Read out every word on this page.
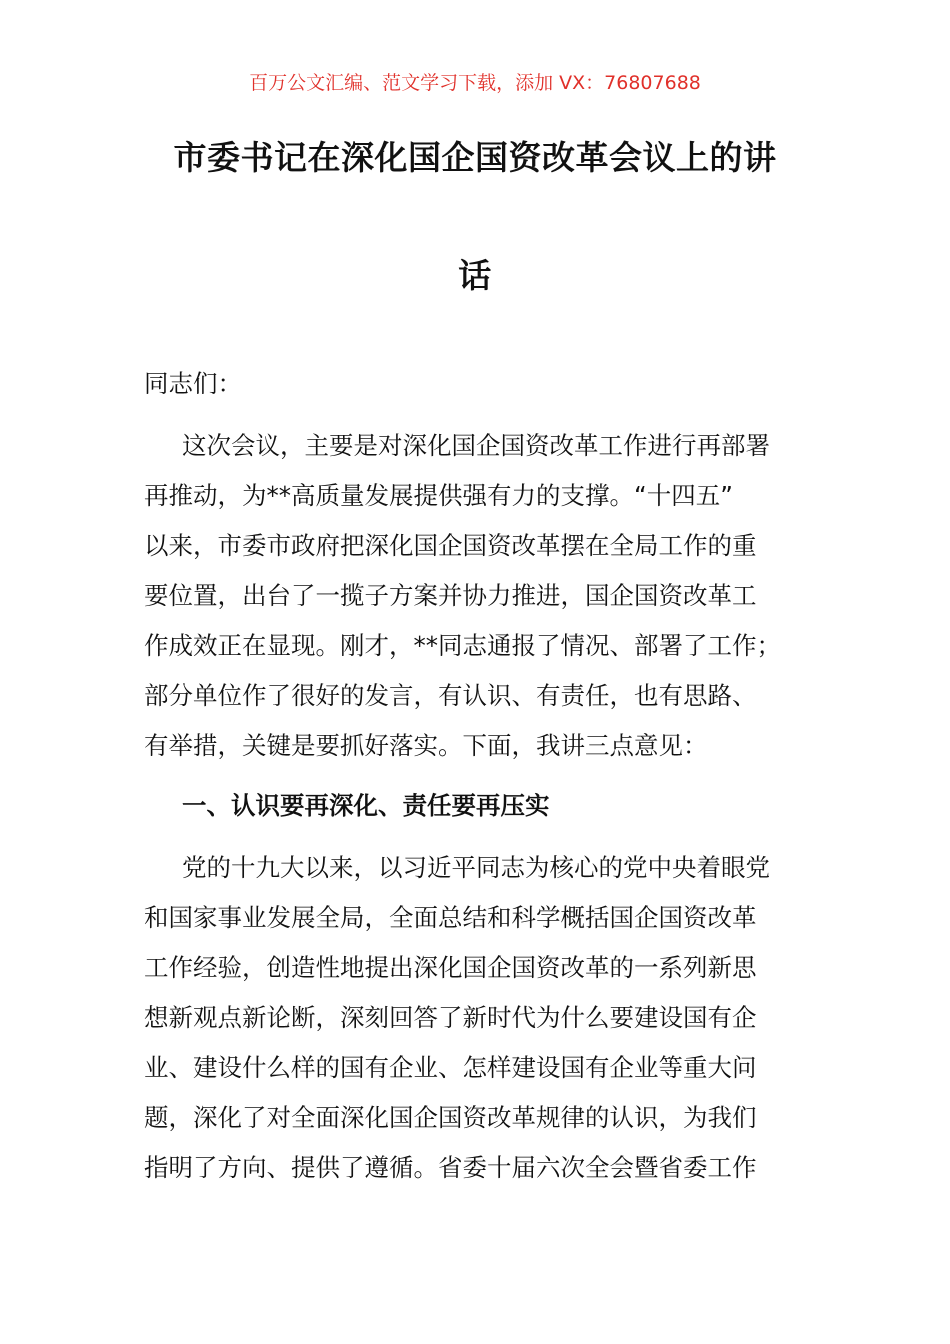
百万公文汇编、范文学习下载，添加 VX：76807688
市委书记在深化国企国资改革会议上的讲
话
同志们：
这次会议，主要是对深化国企国资改革工作进行再部署
再推动，为**高质量发展提供强有力的支撑。“十四五”
以来，市委市政府把深化国企国资改革摆在全局工作的重
要位置，出台了一揽子方案并协力推进，国企国资改革工
作成效正在显现。刚才，**同志通报了情况、部署了工作；
部分单位作了很好的发言，有认识、有责任，也有思路、
有举措，关键是要抓好落实。下面，我讲三点意见：
一、认识要再深化、责任要再压实
党的十九大以来，以习近平同志为核心的党中央着眼党
和国家事业发展全局，全面总结和科学概括国企国资改革
工作经验，创造性地提出深化国企国资改革的一系列新思
想新观点新论断，深刻回答了新时代为什么要建设国有企
业、建设什么样的国有企业、怎样建设国有企业等重大问
题，深化了对全面深化国企国资改革规律的认识，为我们
指明了方向、提供了遵循。省委十届六次全会暨省委工作
